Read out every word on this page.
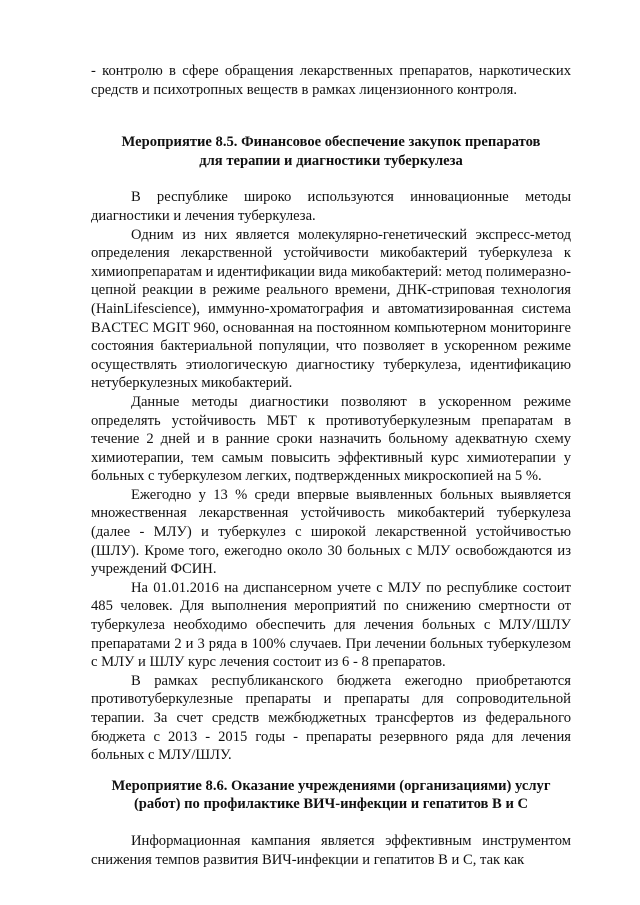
- контролю в сфере обращения лекарственных препаратов, наркотических средств и психотропных веществ в рамках лицензионного контроля.

Мероприятие 8.5. Финансовое обеспечение закупок препаратов
для терапии и диагностики туберкулеза

В республике широко используются инновационные методы диагностики и лечения туберкулеза.

Одним из них является молекулярно-генетический экспресс-метод определения лекарственной устойчивости микобактерий туберкулеза к химиопрепаратам и идентификации вида микобактерий: метод полимеразно-цепной реакции в режиме реального времени, ДНК-стриповая технология (HainLifescience), иммунно-хроматография и автоматизированная система BACTEC MGIT 960, основанная на постоянном компьютерном мониторинге состояния бактериальной популяции, что позволяет в ускоренном режиме осуществлять этиологическую диагностику туберкулеза, идентификацию нетуберкулезных микобактерий.

Данные методы диагностики позволяют в ускоренном режиме определять устойчивость МБТ к противотуберкулезным препаратам в течение 2 дней и в ранние сроки назначить больному адекватную схему химиотерапии, тем самым повысить эффективный курс химиотерапии у больных с туберкулезом легких, подтвержденных микроскопией на 5 %.

Ежегодно у 13 % среди впервые выявленных больных выявляется множественная лекарственная устойчивость микобактерий туберкулеза (далее - МЛУ) и туберкулез с широкой лекарственной устойчивостью (ШЛУ). Кроме того, ежегодно около 30 больных с МЛУ освобождаются из учреждений ФСИН.

На 01.01.2016 на диспансерном учете с МЛУ по республике состоит 485 человек. Для выполнения мероприятий по снижению смертности от туберкулеза необходимо обеспечить для лечения больных с МЛУ/ШЛУ препаратами 2 и 3 ряда в 100% случаев. При лечении больных туберкулезом с МЛУ и ШЛУ курс лечения состоит из 6 - 8 препаратов.

В рамках республиканского бюджета ежегодно приобретаются противотуберкулезные препараты и препараты для сопроводительной терапии. За счет средств межбюджетных трансфертов из федерального бюджета с 2013 - 2015 годы - препараты резервного ряда для лечения больных с МЛУ/ШЛУ.

Мероприятие 8.6. Оказание учреждениями (организациями) услуг
(работ) по профилактике ВИЧ-инфекции и гепатитов В и С

Информационная кампания является эффективным инструментом снижения темпов развития ВИЧ-инфекции и гепатитов В и С, так как
